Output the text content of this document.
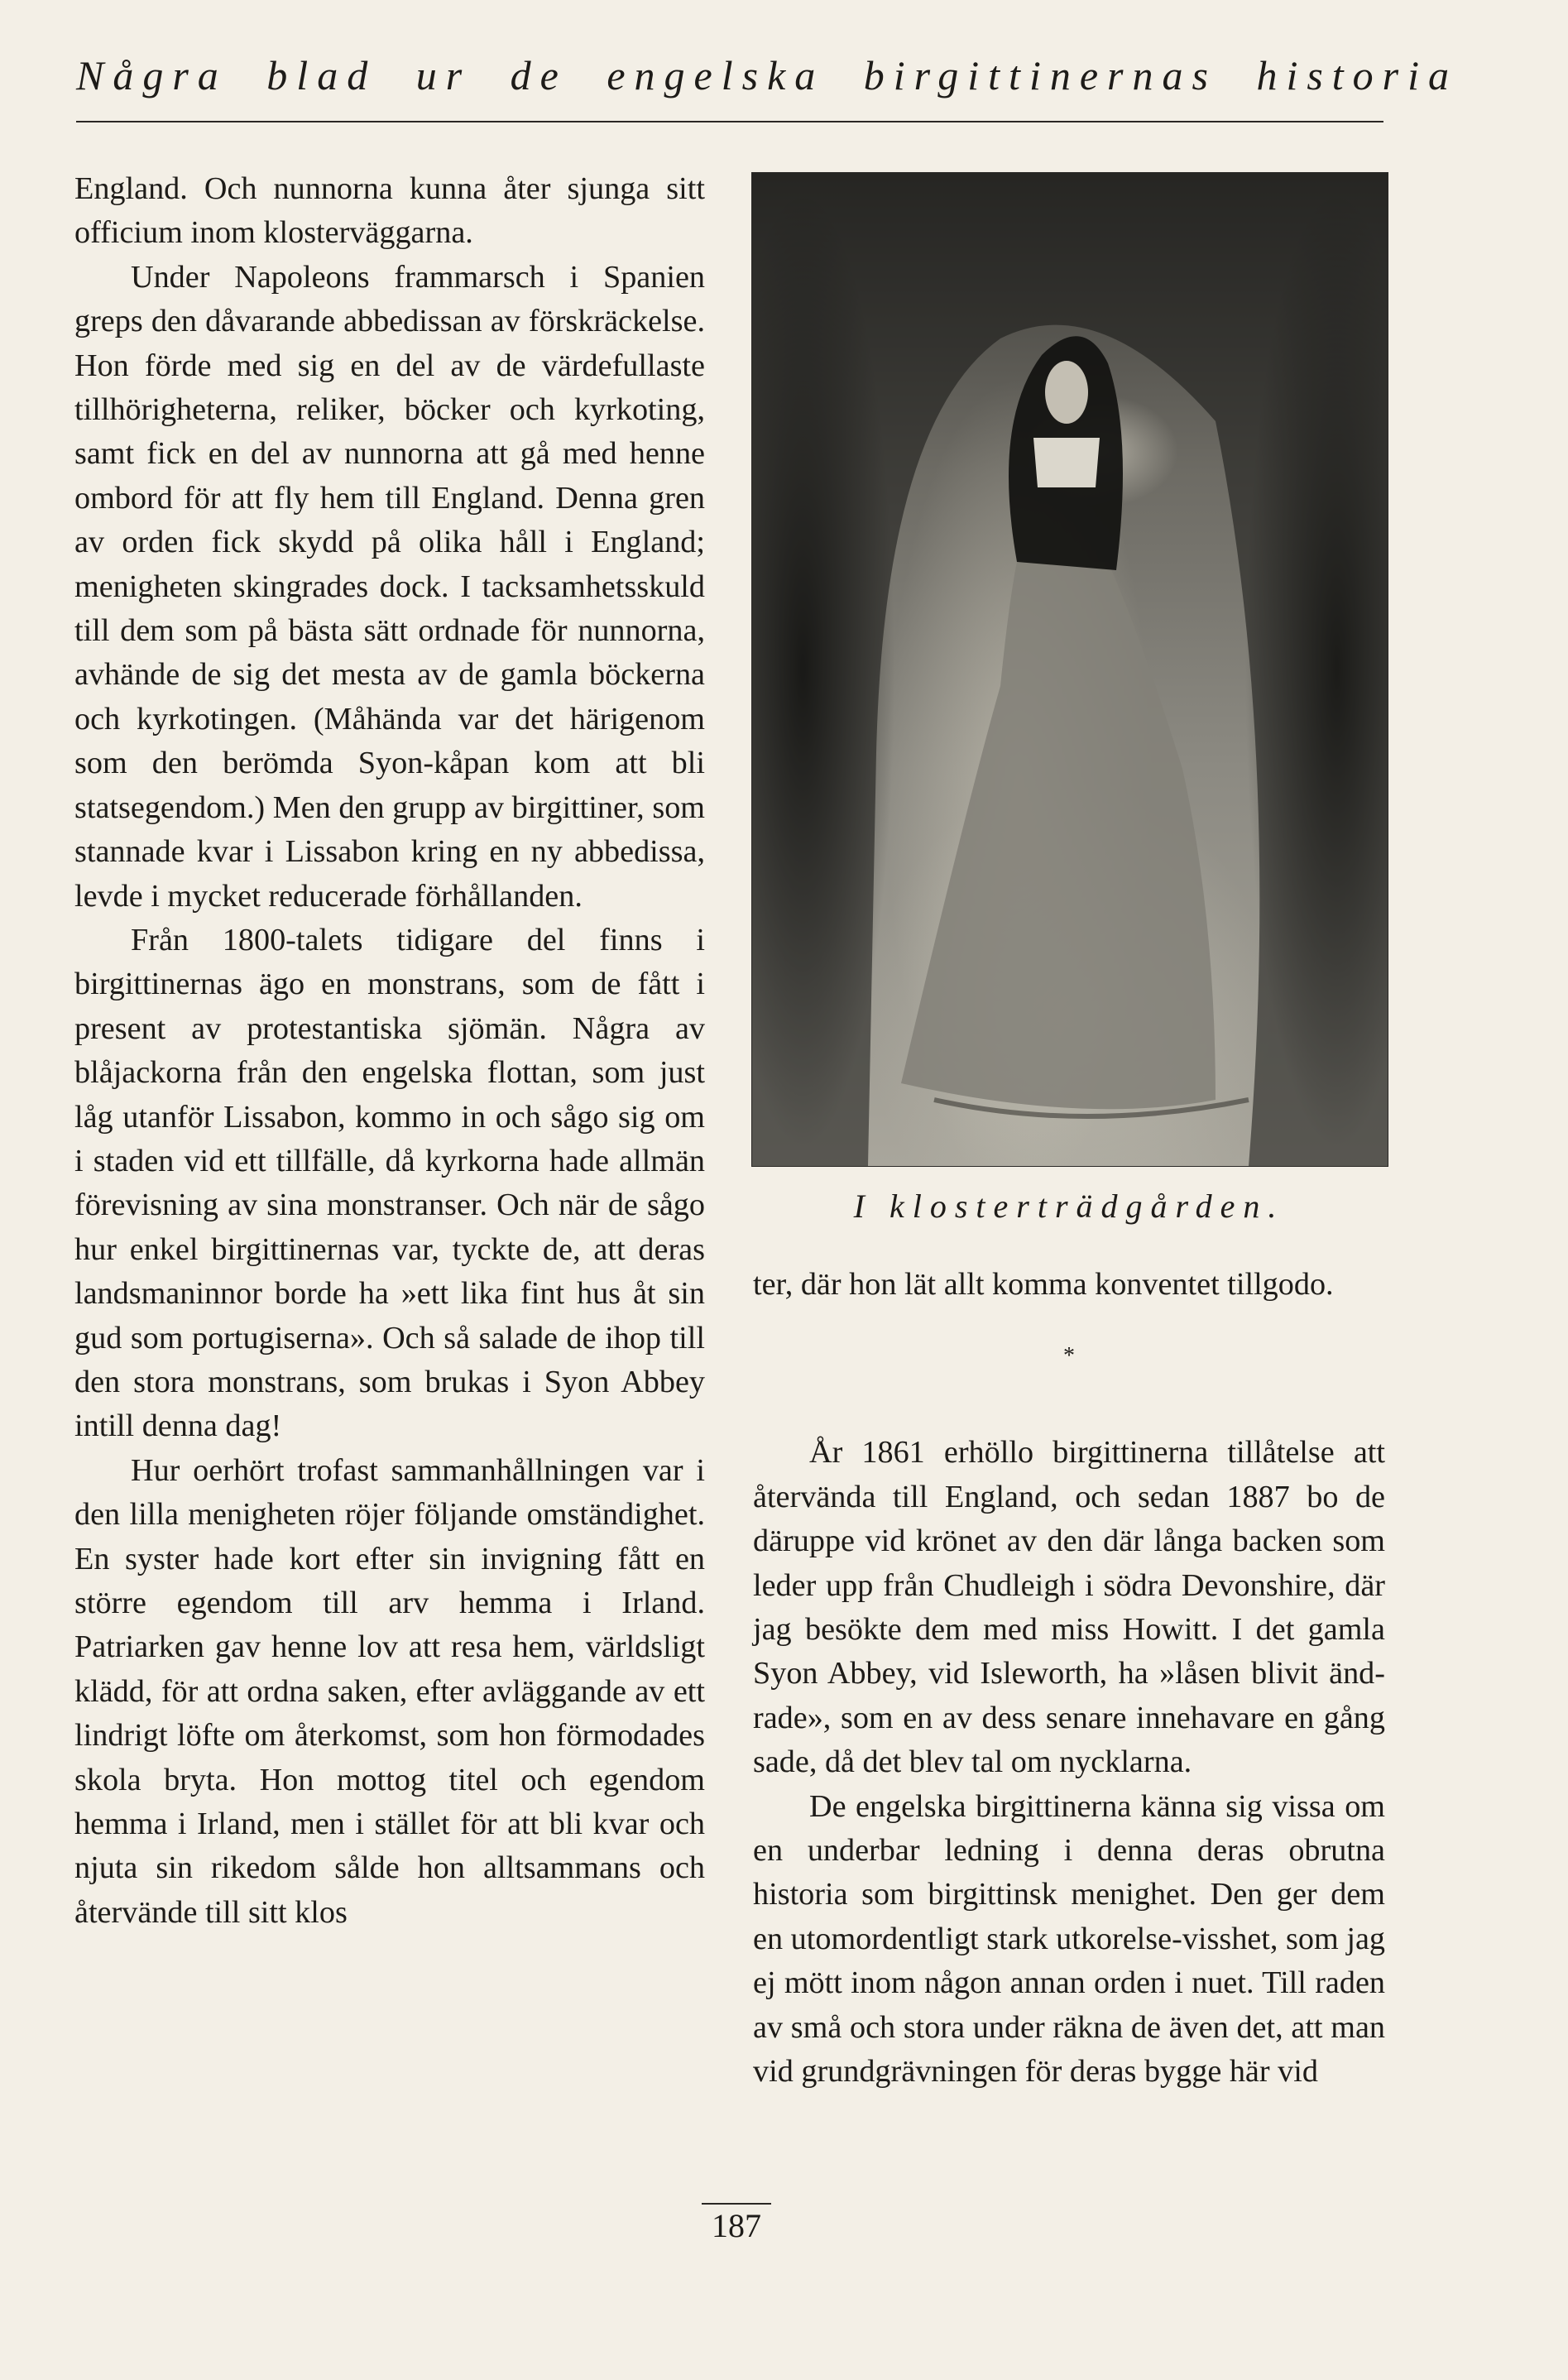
Några blad ur de engelska birgittinernas historia

England. Och nunnorna kunna åter sjunga sitt officium inom klosterväggarna.

Under Napoleons frammarsch i Spanien greps den dåvarande abbedissan av förskräckelse. Hon förde med sig en del av de värdefullaste tillhörigheterna, reliker, böcker och kyrkoting, samt fick en del av nunnorna att gå med henne ombord för att fly hem till England. Denna gren av orden fick skydd på olika håll i England; menigheten skingrades dock. I tacksamhetsskuld till dem som på bästa sätt ordnade för nunnorna, avhände de sig det mesta av de gamla böckerna och kyrkotingen. (Måhända var det härigenom som den berömda Syon-kåpan kom att bli statsegendom.) Men den grupp av birgittiner, som stannade kvar i Lissabon kring en ny abbedissa, levde i mycket reducerade förhållanden.

Från 1800-talets tidigare del finns i birgittinernas ägo en monstrans, som de fått i present av protestantiska sjömän. Några av blåjackorna från den engelska flottan, som just låg utanför Lissabon, kommo in och sågo sig om i staden vid ett tillfälle, då kyrkorna hade allmän förevisning av sina monstranser. Och när de sågo hur enkel birgittinernas var, tyckte de, att deras landsmaninnor borde ha »ett lika fint hus åt sin gud som portugiserna». Och så salade de ihop till den stora monstrans, som brukas i Syon Abbey intill denna dag!

Hur oerhört trofast sammanhållningen var i den lilla menigheten röjer följande omständighet. En syster hade kort efter sin invigning fått en större egendom till arv hemma i Irland. Patriarken gav henne lov att resa hem, världsligt klädd, för att ordna saken, efter avläggande av ett lindrigt löfte om återkomst, som hon förmodades skola bryta. Hon mottog titel och egendom hemma i Irland, men i stället för att bli kvar och njuta sin rikedom sålde hon alltsammans och återvände till sitt klos

I klosterträdgården.

ter, där hon lät allt komma konventet tillgodo.

*

År 1861 erhöllo birgittinerna tillåtelse att återvända till England, och sedan 1887 bo de däruppe vid krönet av den där långa backen som leder upp från Chudleigh i södra Devonshire, där jag besökte dem med miss Howitt. I det gamla Syon Abbey, vid Isleworth, ha »låsen blivit ändrade», som en av dess senare innehavare en gång sade, då det blev tal om nycklarna.

De engelska birgittinerna känna sig vissa om en underbar ledning i denna deras obrutna historia som birgittinsk menighet. Den ger dem en utomordentligt stark utkorelse-visshet, som jag ej mött inom någon annan orden i nuet. Till raden av små och stora under räkna de även det, att man vid grundgrävningen för deras bygge här vid

187
